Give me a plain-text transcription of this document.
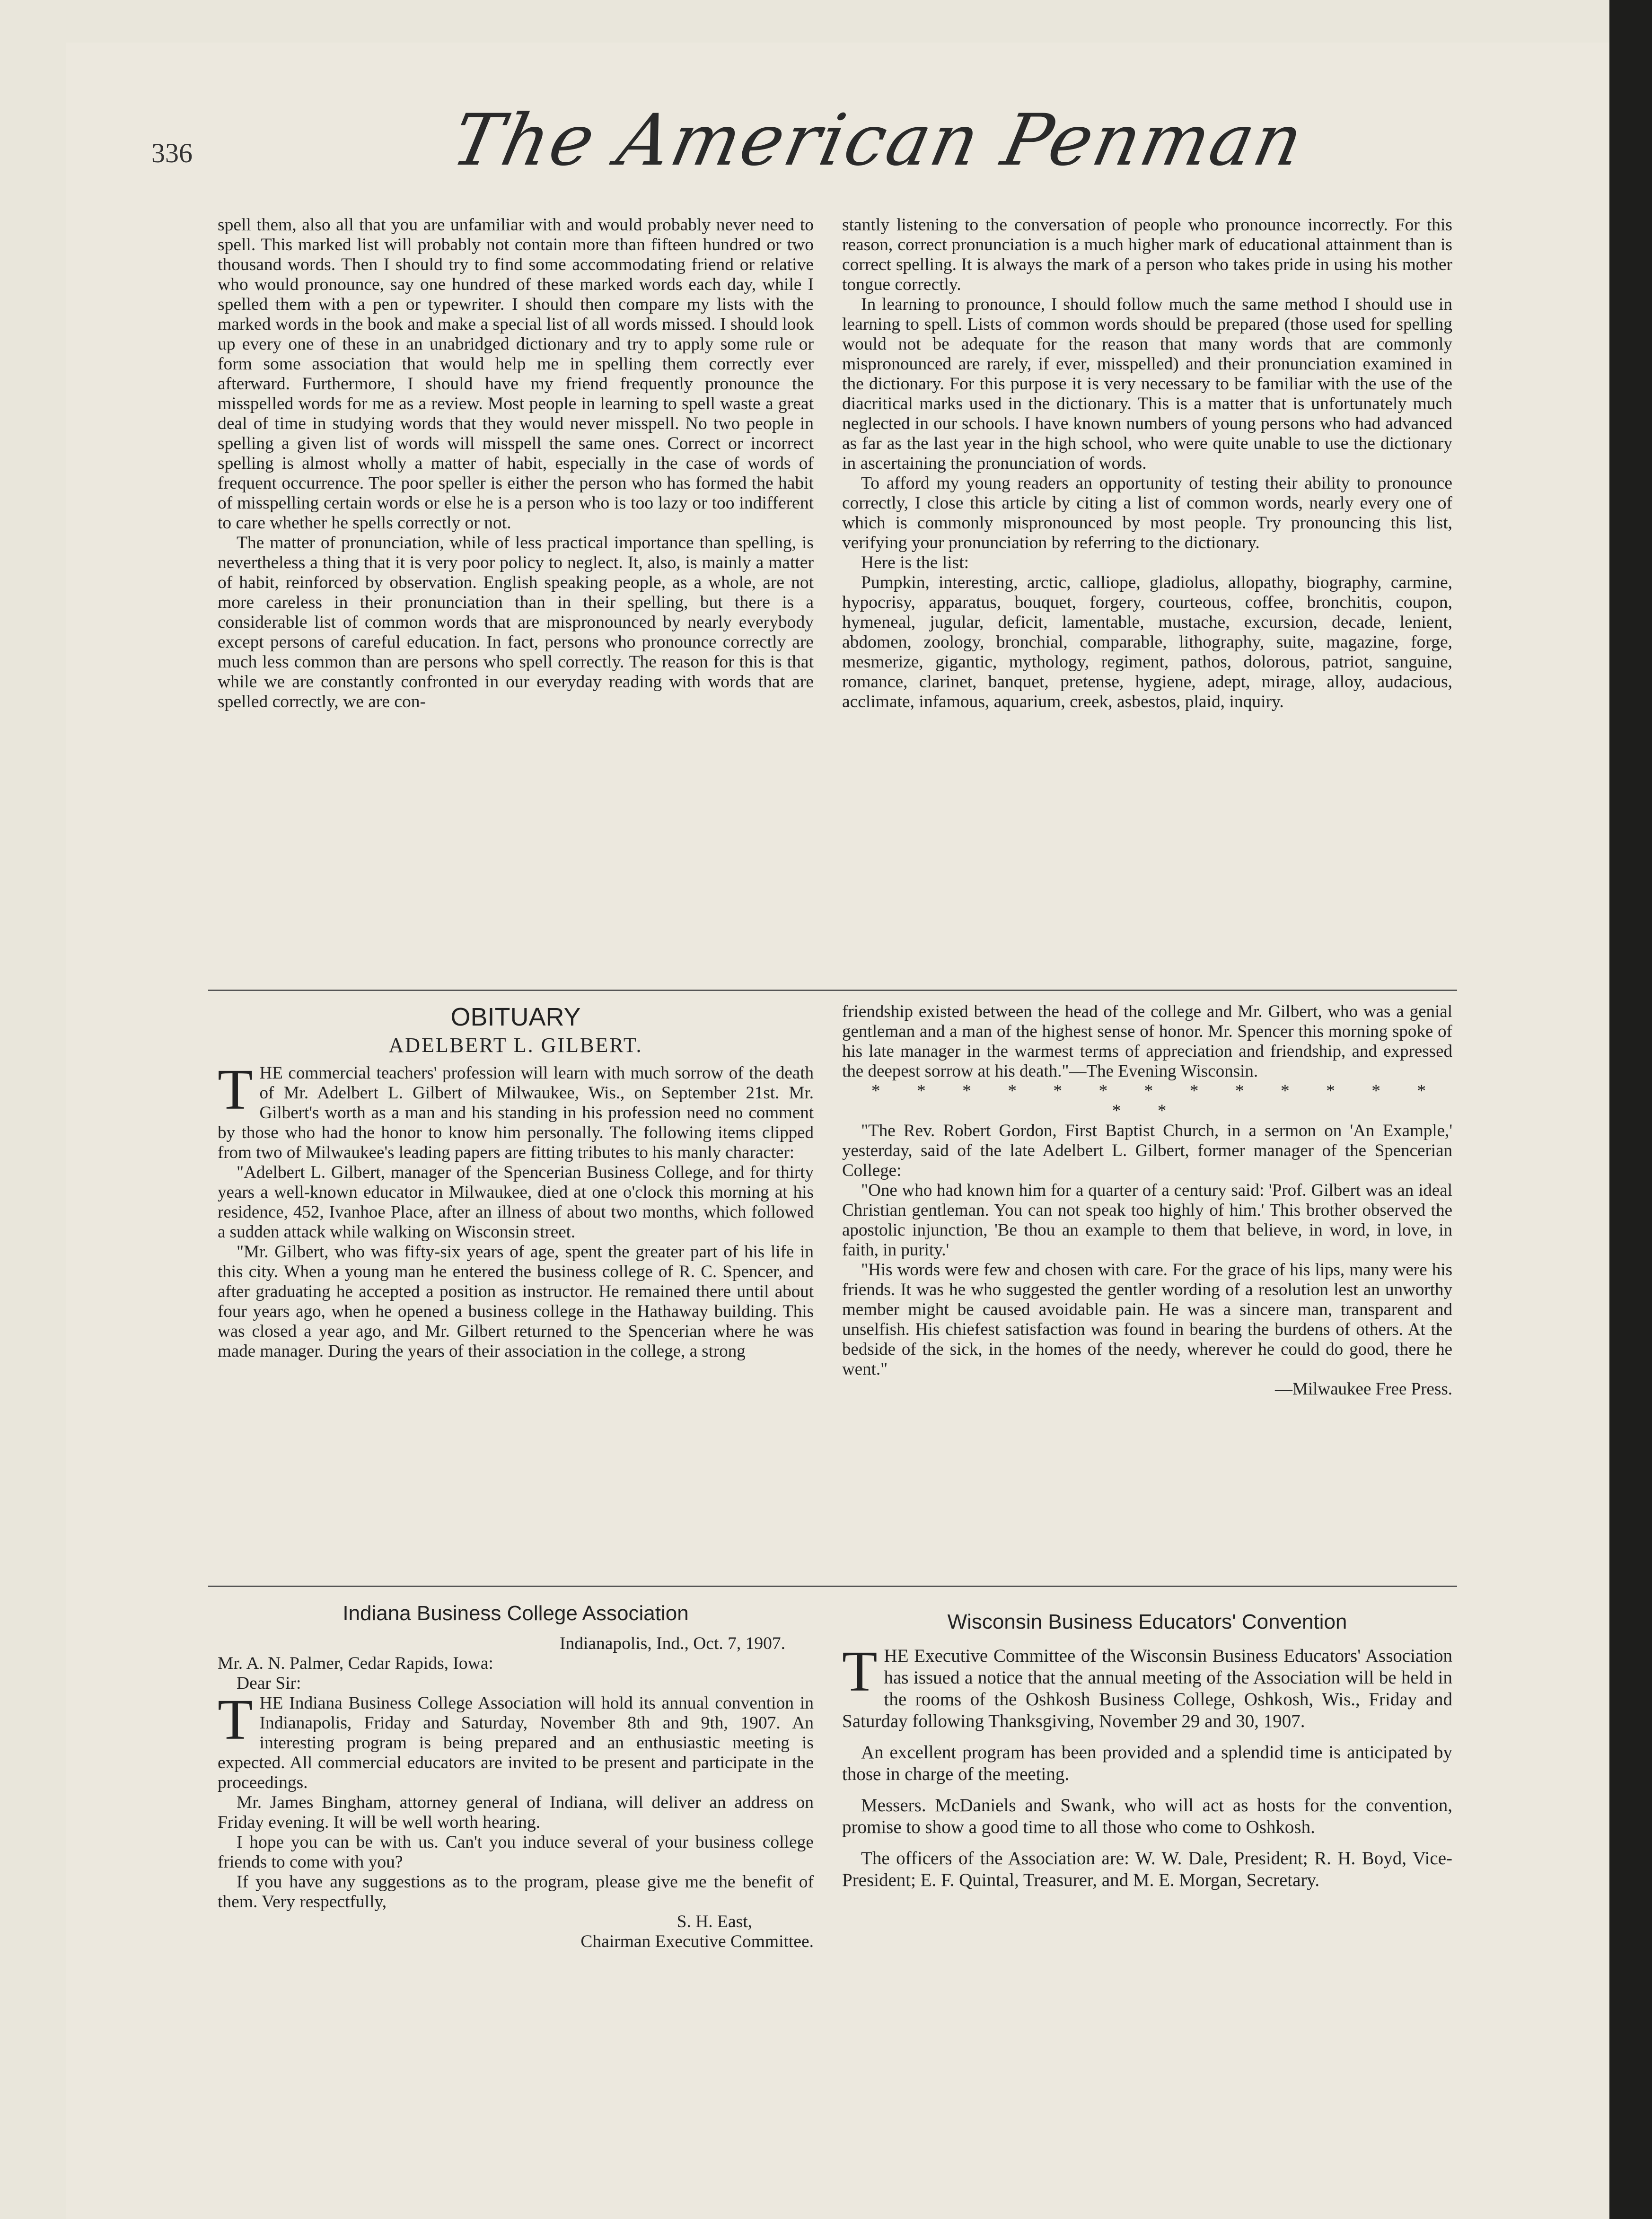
336	The American Penman

spell them, also all that you are unfamiliar with and would probably never need to spell. This marked list will probably not contain more than fifteen hundred or two thousand words. Then I should try to find some accommodating friend or relative who would pronounce, say one hundred of these marked words each day, while I spelled them with a pen or typewriter. I should then compare my lists with the marked words in the book and make a special list of all words missed. I should look up every one of these in an unabridged dictionary and try to apply some rule or form some association that would help me in spelling them correctly ever afterward. Furthermore, I should have my friend frequently pronounce the misspelled words for me as a review. Most people in learning to spell waste a great deal of time in studying words that they would never misspell. No two people in spelling a given list of words will misspell the same ones. Correct or incorrect spelling is almost wholly a matter of habit, especially in the case of words of frequent occurrence. The poor speller is either the person who has formed the habit of misspelling certain words or else he is a person who is too lazy or too indifferent to care whether he spells correctly or not.

The matter of pronunciation, while of less practical importance than spelling, is nevertheless a thing that it is very poor policy to neglect. It, also, is mainly a matter of habit, reinforced by observation. English speaking people, as a whole, are not more careless in their pronunciation than in their spelling, but there is a considerable list of common words that are mispronounced by nearly everybody except persons of careful education. In fact, persons who pronounce correctly are much less common than are persons who spell correctly. The reason for this is that while we are constantly confronted in our everyday reading with words that are spelled correctly, we are con-

stantly listening to the conversation of people who pronounce incorrectly. For this reason, correct pronunciation is a much higher mark of educational attainment than is correct spelling. It is always the mark of a person who takes pride in using his mother tongue correctly.

In learning to pronounce, I should follow much the same method I should use in learning to spell. Lists of common words should be prepared (those used for spelling would not be adequate for the reason that many words that are commonly mispronounced are rarely, if ever, misspelled) and their pronunciation examined in the dictionary. For this purpose it is very necessary to be familiar with the use of the diacritical marks used in the dictionary. This is a matter that is unfortunately much neglected in our schools. I have known numbers of young persons who had advanced as far as the last year in the high school, who were quite unable to use the dictionary in ascertaining the pronunciation of words.

To afford my young readers an opportunity of testing their ability to pronounce correctly, I close this article by citing a list of common words, nearly every one of which is commonly mispronounced by most people. Try pronouncing this list, verifying your pronunciation by referring to the dictionary.

Here is the list:

Pumpkin, interesting, arctic, calliope, gladiolus, allopathy, biography, carmine, hypocrisy, apparatus, bouquet, forgery, courteous, coffee, bronchitis, coupon, hymeneal, jugular, deficit, lamentable, mustache, excursion, decade, lenient, abdomen, zoology, bronchial, comparable, lithography, suite, magazine, forge, mesmerize, gigantic, mythology, regiment, pathos, dolorous, patriot, sanguine, romance, clarinet, banquet, pretense, hygiene, adept, mirage, alloy, audacious, acclimate, infamous, aquarium, creek, asbestos, plaid, inquiry.

OBITUARY
ADELBERT L. GILBERT.

THE commercial teachers' profession will learn with much sorrow of the death of Mr. Adelbert L. Gilbert of Milwaukee, Wis., on September 21st. Mr. Gilbert's worth as a man and his standing in his profession need no comment by those who had the honor to know him personally. The following items clipped from two of Milwaukee's leading papers are fitting tributes to his manly character:

"Adelbert L. Gilbert, manager of the Spencerian Business College, and for thirty years a well-known educator in Milwaukee, died at one o'clock this morning at his residence, 452, Ivanhoe Place, after an illness of about two months, which followed a sudden attack while walking on Wisconsin street.

"Mr. Gilbert, who was fifty-six years of age, spent the greater part of his life in this city. When a young man he entered the business college of R. C. Spencer, and after graduating he accepted a position as instructor. He remained there until about four years ago, when he opened a business college in the Hathaway building. This was closed a year ago, and Mr. Gilbert returned to the Spencerian where he was made manager. During the years of their association in the college, a strong

friendship existed between the head of the college and Mr. Gilbert, who was a genial gentleman and a man of the highest sense of honor. Mr. Spencer this morning spoke of his late manager in the warmest terms of appreciation and friendship, and expressed the deepest sorrow at his death."—The Evening Wisconsin.

* * * * * * * * * * * * * * *

"The Rev. Robert Gordon, First Baptist Church, in a sermon on 'An Example,' yesterday, said of the late Adelbert L. Gilbert, former manager of the Spencerian College:

"One who had known him for a quarter of a century said: 'Prof. Gilbert was an ideal Christian gentleman. You can not speak too highly of him.' This brother observed the apostolic injunction, 'Be thou an example to them that believe, in word, in love, in faith, in purity.'

"His words were few and chosen with care. For the grace of his lips, many were his friends. It was he who suggested the gentler wording of a resolution lest an unworthy member might be caused avoidable pain. He was a sincere man, transparent and unselfish. His chiefest satisfaction was found in bearing the burdens of others. At the bedside of the sick, in the homes of the needy, wherever he could do good, there he went."

—Milwaukee Free Press.

Indiana Business College Association

Indianapolis, Ind., Oct. 7, 1907.

Mr. A. N. Palmer, Cedar Rapids, Iowa:

Dear Sir:

THE Indiana Business College Association will hold its annual convention in Indianapolis, Friday and Saturday, November 8th and 9th, 1907. An interesting program is being prepared and an enthusiastic meeting is expected. All commercial educators are invited to be present and participate in the proceedings.

Mr. James Bingham, attorney general of Indiana, will deliver an address on Friday evening. It will be well worth hearing.

I hope you can be with us. Can't you induce several of your business college friends to come with you?

If you have any suggestions as to the program, please give me the benefit of them. Very respectfully,

S. H. East,

Chairman Executive Committee.

Wisconsin Business Educators' Convention

THE Executive Committee of the Wisconsin Business Educators' Association has issued a notice that the annual meeting of the Association will be held in the rooms of the Oshkosh Business College, Oshkosh, Wis., Friday and Saturday following Thanksgiving, November 29 and 30, 1907.

An excellent program has been provided and a splendid time is anticipated by those in charge of the meeting.

Messers. McDaniels and Swank, who will act as hosts for the convention, promise to show a good time to all those who come to Oshkosh.

The officers of the Association are: W. W. Dale, President; R. H. Boyd, Vice-President; E. F. Quintal, Treasurer, and M. E. Morgan, Secretary.
